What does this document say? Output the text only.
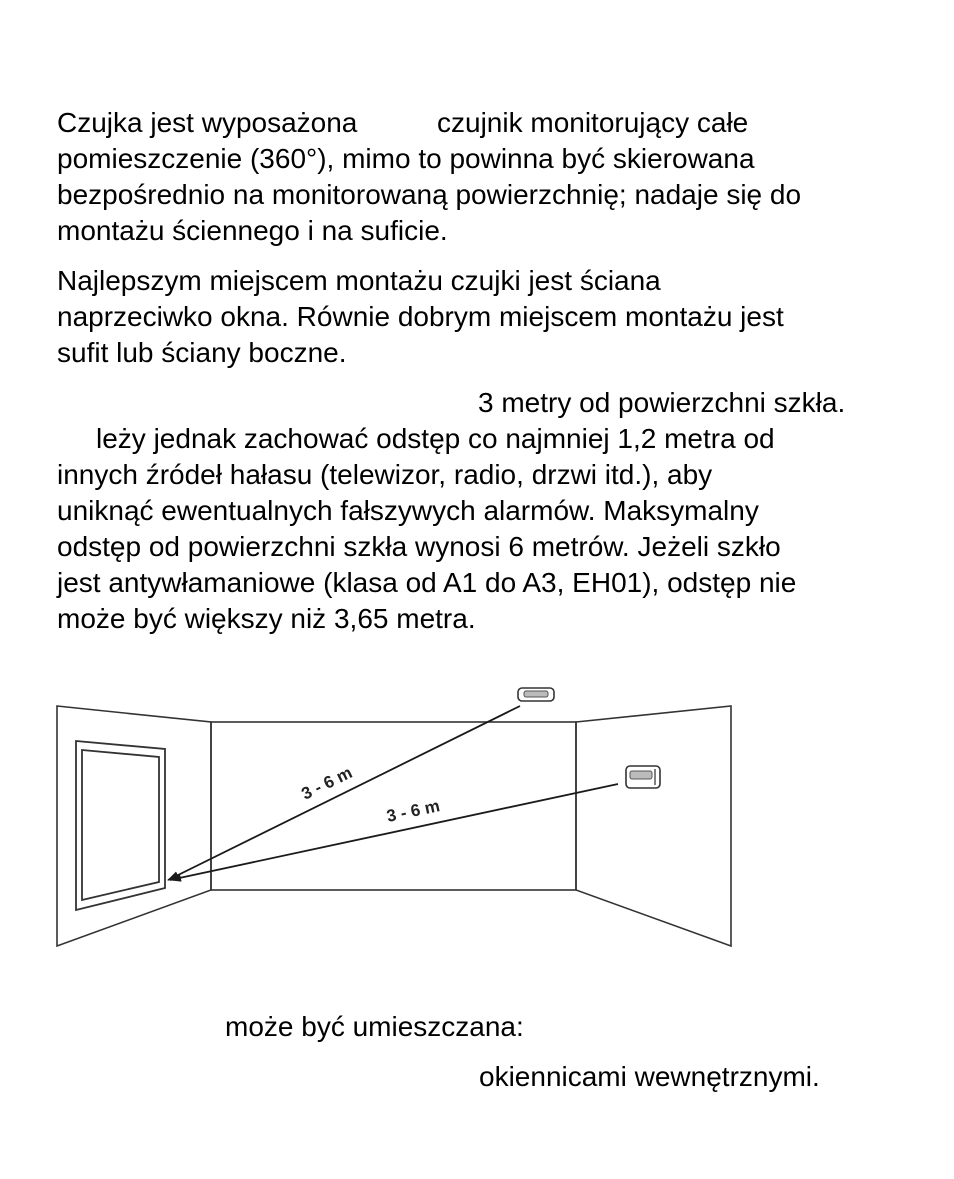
Czujka jest wyposażona	czujnik monitorujący całe
pomieszczenie (360°), mimo to powinna być skierowana
bezpośrednio na monitorowaną powierzchnię; nadaje się do
montażu ściennego i na suficie.
Najlepszym miejscem montażu czujki jest ściana
naprzeciwko okna. Równie dobrym miejscem montażu jest
sufit lub ściany boczne.
3 metry od powierzchni szkła.
leży jednak zachować odstęp co najmniej 1,2 metra od
innych źródeł hałasu (telewizor, radio, drzwi itd.), aby
uniknąć ewentualnych fałszywych alarmów. Maksymalny
odstęp od powierzchni szkła wynosi 6 metrów. Jeżeli szkło
jest antywłamaniowe (klasa od A1 do A3, EH01), odstęp nie
może być większy niż 3,65 metra.
3 - 6 m
3 - 6 m
może być umieszczana:
okiennicami wewnętrznymi.
